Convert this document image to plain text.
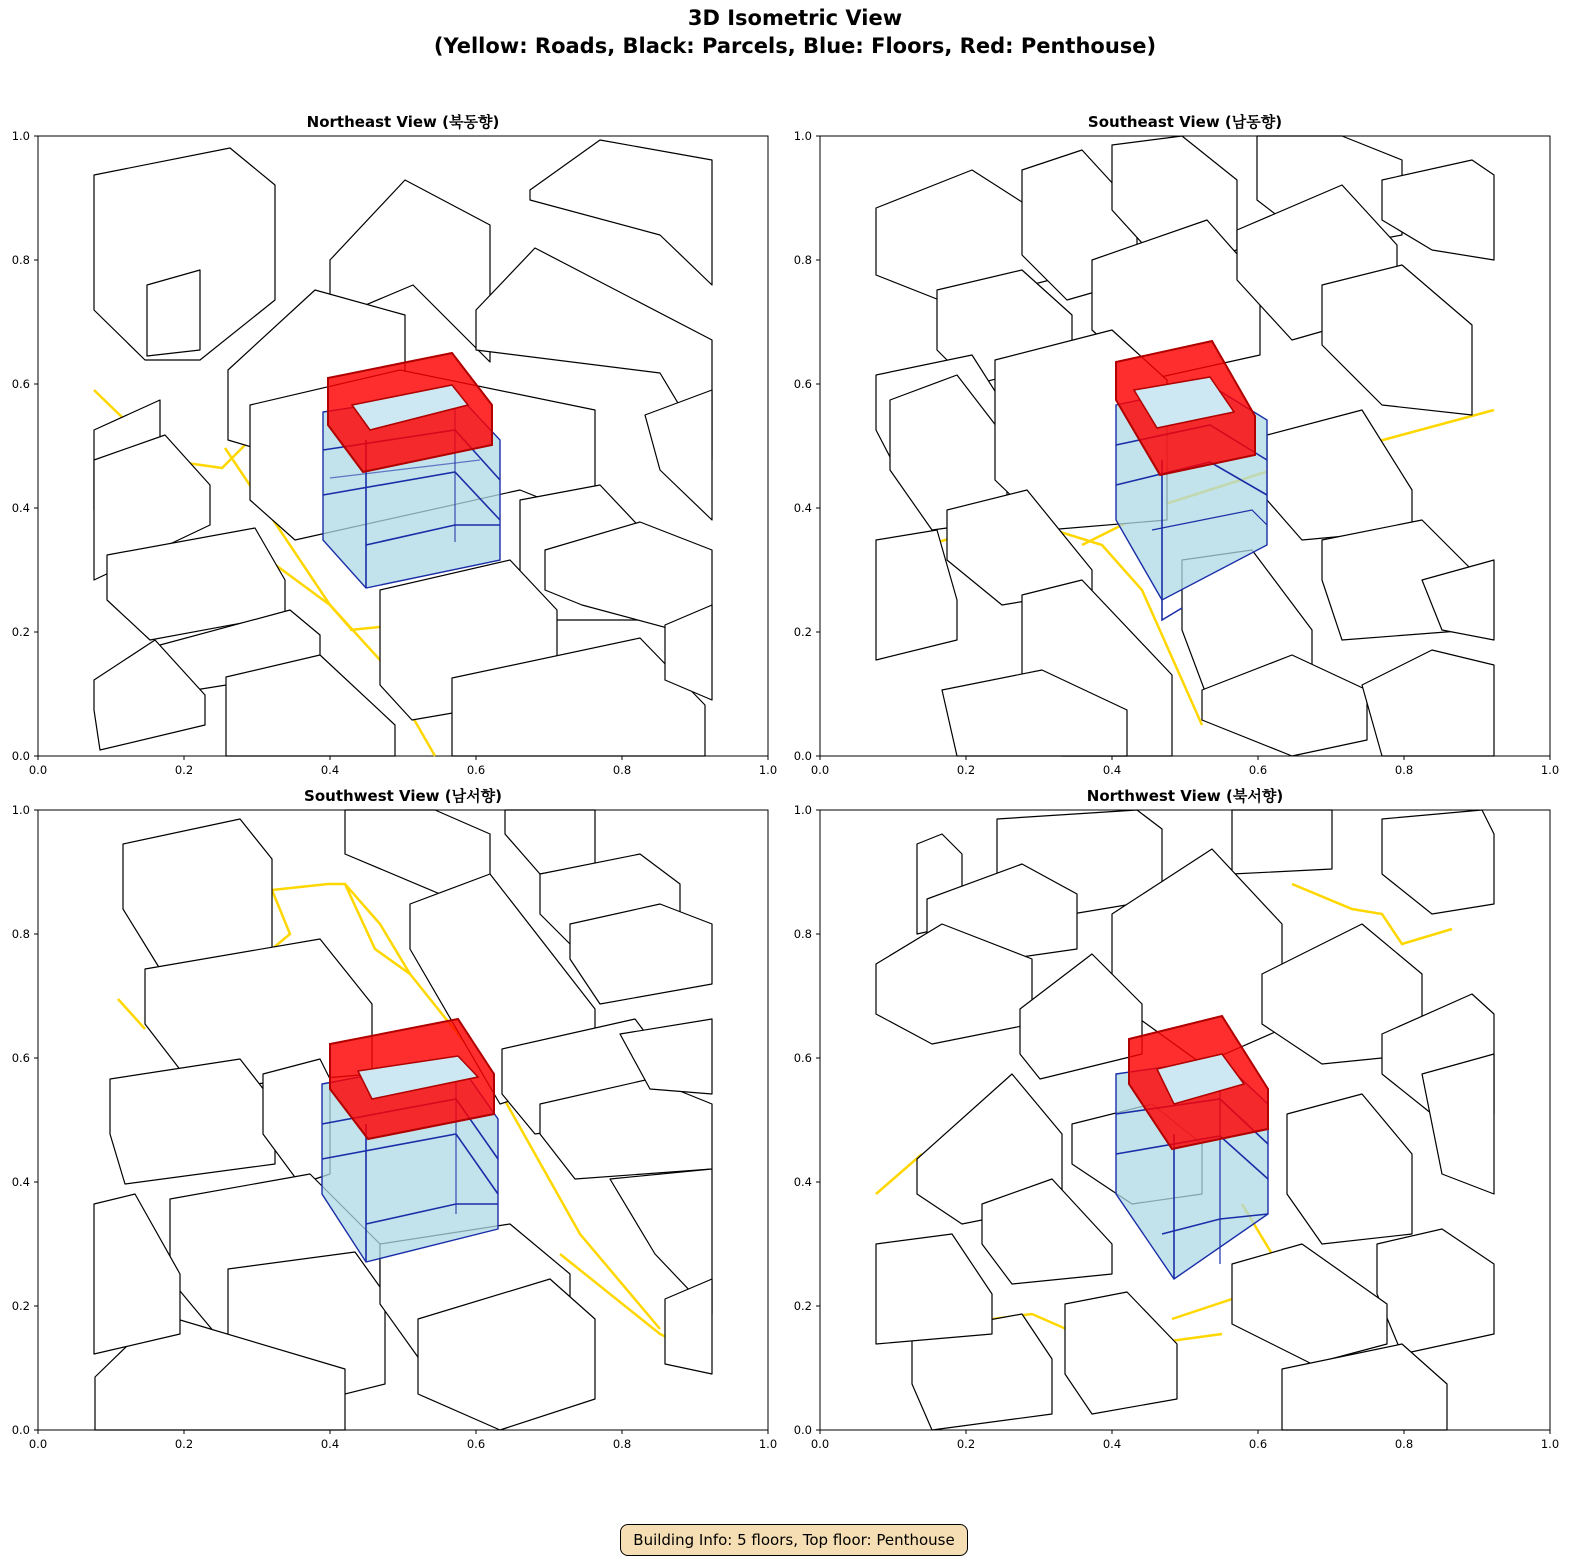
3D Isometric View
(Yellow: Roads, Black: Parcels, Blue: Floors, Red: Penthouse)
Northeast View (북동향)
0.0
0.2
0.4
0.6
0.8
1.0
0.0	0.2	0.4	0.6	0.8	1.0
Southeast View (남동향)
0.0
0.2
0.4
0.6
0.8
1.0
0.0	0.2	0.4	0.6	0.8	1.0
Southwest View (남서향)
0.0
0.2
0.4
0.6
0.8
1.0
0.0	0.2	0.4	0.6	0.8	1.0
Northwest View (북서향)
0.0
0.2
0.4
0.6
0.8
1.0
0.0	0.2	0.4	0.6	0.8	1.0
Building Info: 5 floors, Top floor: Penthouse
